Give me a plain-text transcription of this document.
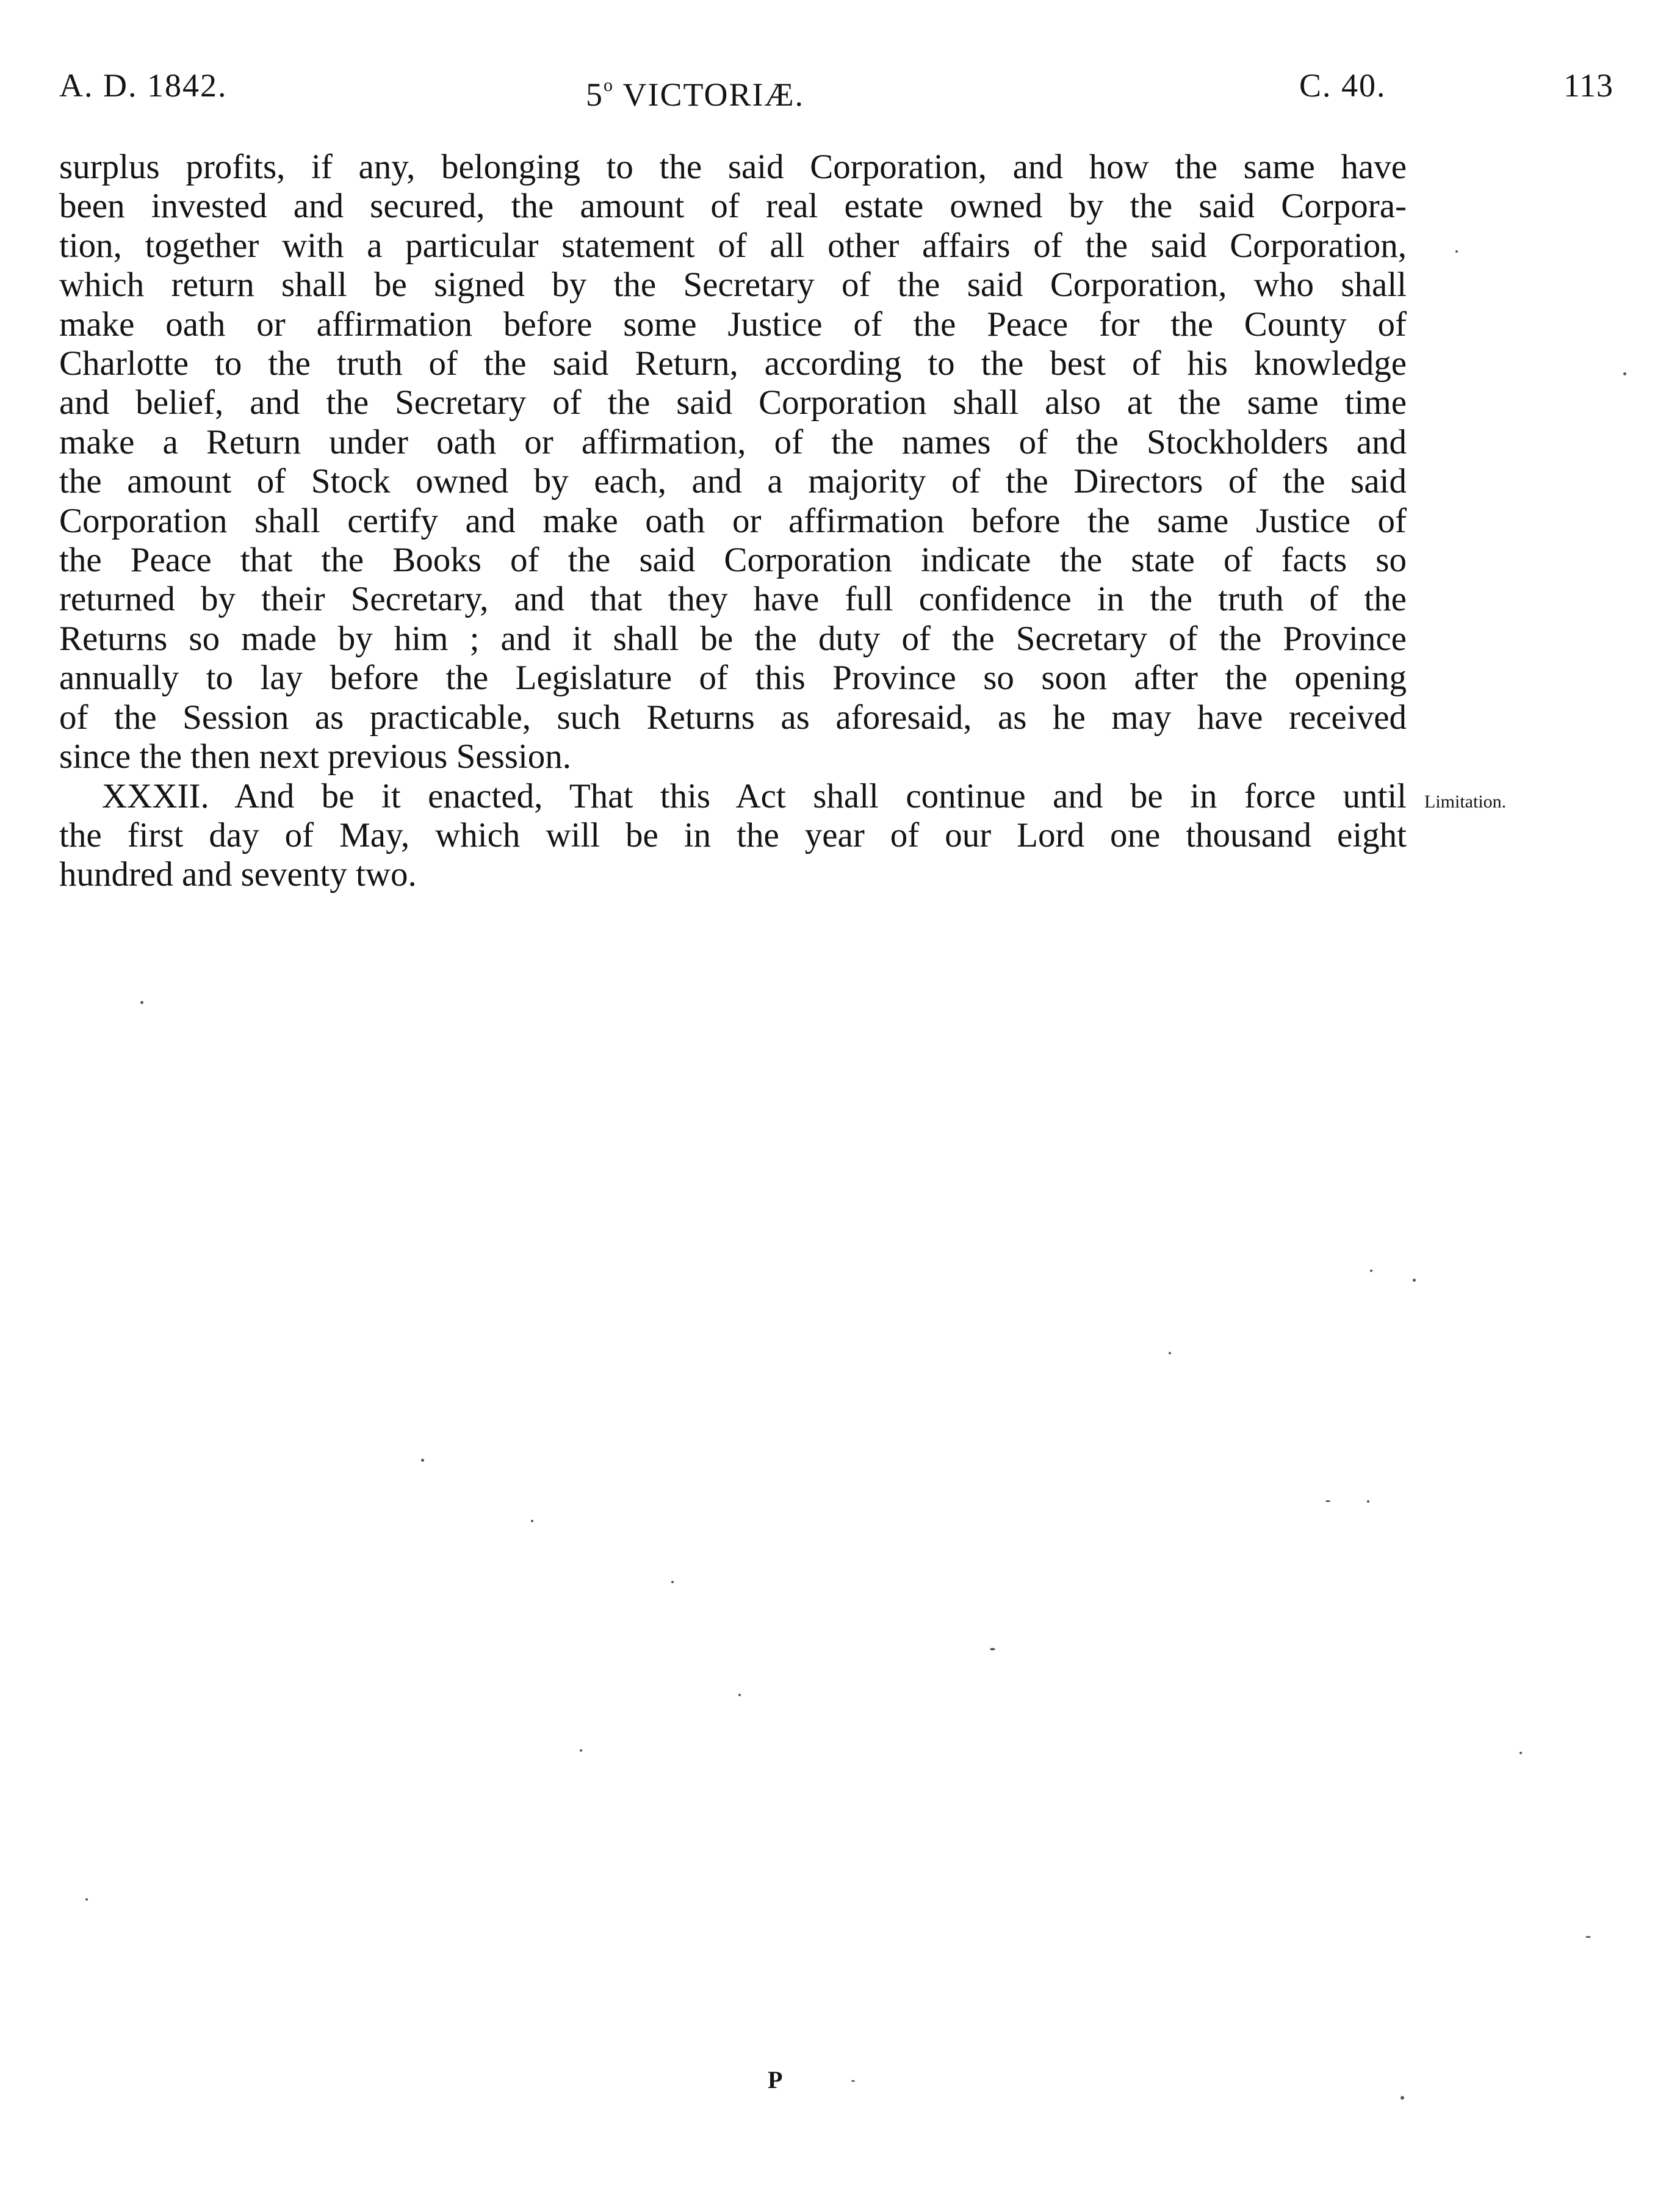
A. D. 1842.	5$^o$ VICTORIÆ.	C. 40.	113

surplus profits, if any, belonging to the said Corporation, and how the same have
been invested and secured, the amount of real estate owned by the said Corpora-
tion, together with a particular statement of all other affairs of the said Corporation,
which return shall be signed by the Secretary of the said Corporation, who shall
make oath or affirmation before some Justice of the Peace for the County of
Charlotte to the truth of the said Return, according to the best of his knowledge
and belief, and the Secretary of the said Corporation shall also at the same time
make a Return under oath or affirmation, of the names of the Stockholders and
the amount of Stock owned by each, and a majority of the Directors of the said
Corporation shall certify and make oath or affirmation before the same Justice of
the Peace that the Books of the said Corporation indicate the state of facts so
returned by their Secretary, and that they have full confidence in the truth of the
Returns so made by him ; and it shall be the duty of the Secretary of the Province
annually to lay before the Legislature of this Province so soon after the opening
of the Session as practicable, such Returns as aforesaid, as he may have received
since the then next previous Session.

XXXII. And be it enacted, That this Act shall continue and be in force until
the first day of May, which will be in the year of our Lord one thousand eight
hundred and seventy two.

Limitation.
P
